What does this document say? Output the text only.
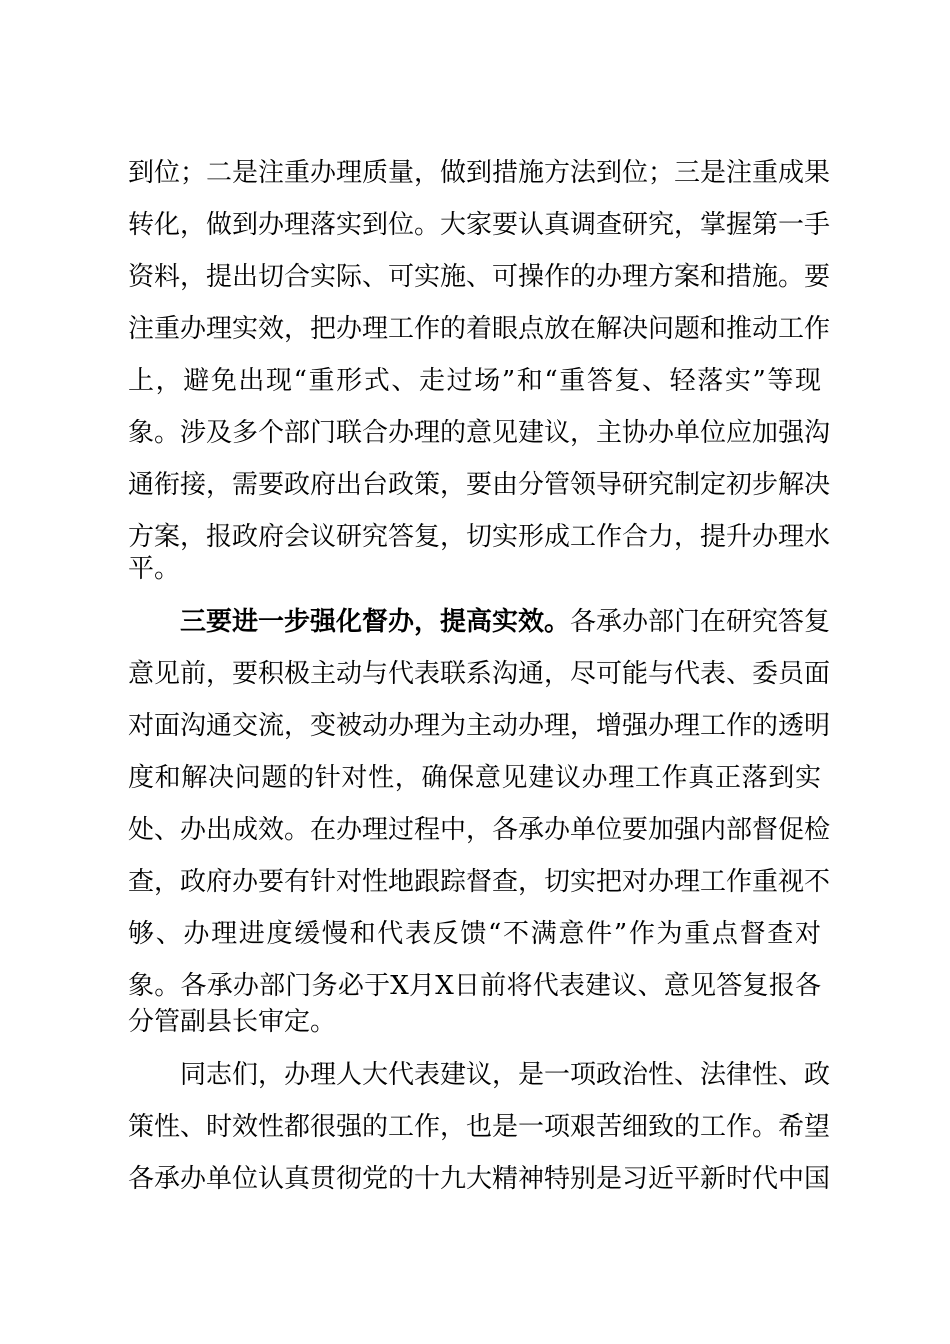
到位；二是注重办理质量，做到措施方法到位；三是注重成果
转化，做到办理落实到位。大家要认真调查研究，掌握第一手
资料，提出切合实际、可实施、可操作的办理方案和措施。要
注重办理实效，把办理工作的着眼点放在解决问题和推动工作
上，避免出现“重形式、走过场”和“重答复、轻落实”等现
象。涉及多个部门联合办理的意见建议，主协办单位应加强沟
通衔接，需要政府出台政策，要由分管领导研究制定初步解决
方案，报政府会议研究答复，切实形成工作合力，提升办理水
平。
三要进一步强化督办，提高实效。 各承办部门在研究答复
意见前，要积极主动与代表联系沟通，尽可能与代表、委员面
对面沟通交流，变被动办理为主动办理，增强办理工作的透明
度和解决问题的针对性，确保意见建议办理工作真正落到实
处、办出成效。在办理过程中，各承办单位要加强内部督促检
查，政府办要有针对性地跟踪督查，切实把对办理工作重视不
够、办理进度缓慢和代表反馈“不满意件”作为重点督查对
象。各承办部门务必于X月X日前将代表建议、意见答复报各
分管副县长审定。
同志们，办理人大代表建议，是一项政治性、法律性、政
策性、时效性都很强的工作，也是一项艰苦细致的工作。希望
各承办单位认真贯彻党的十九大精神特别是习近平新时代中国
